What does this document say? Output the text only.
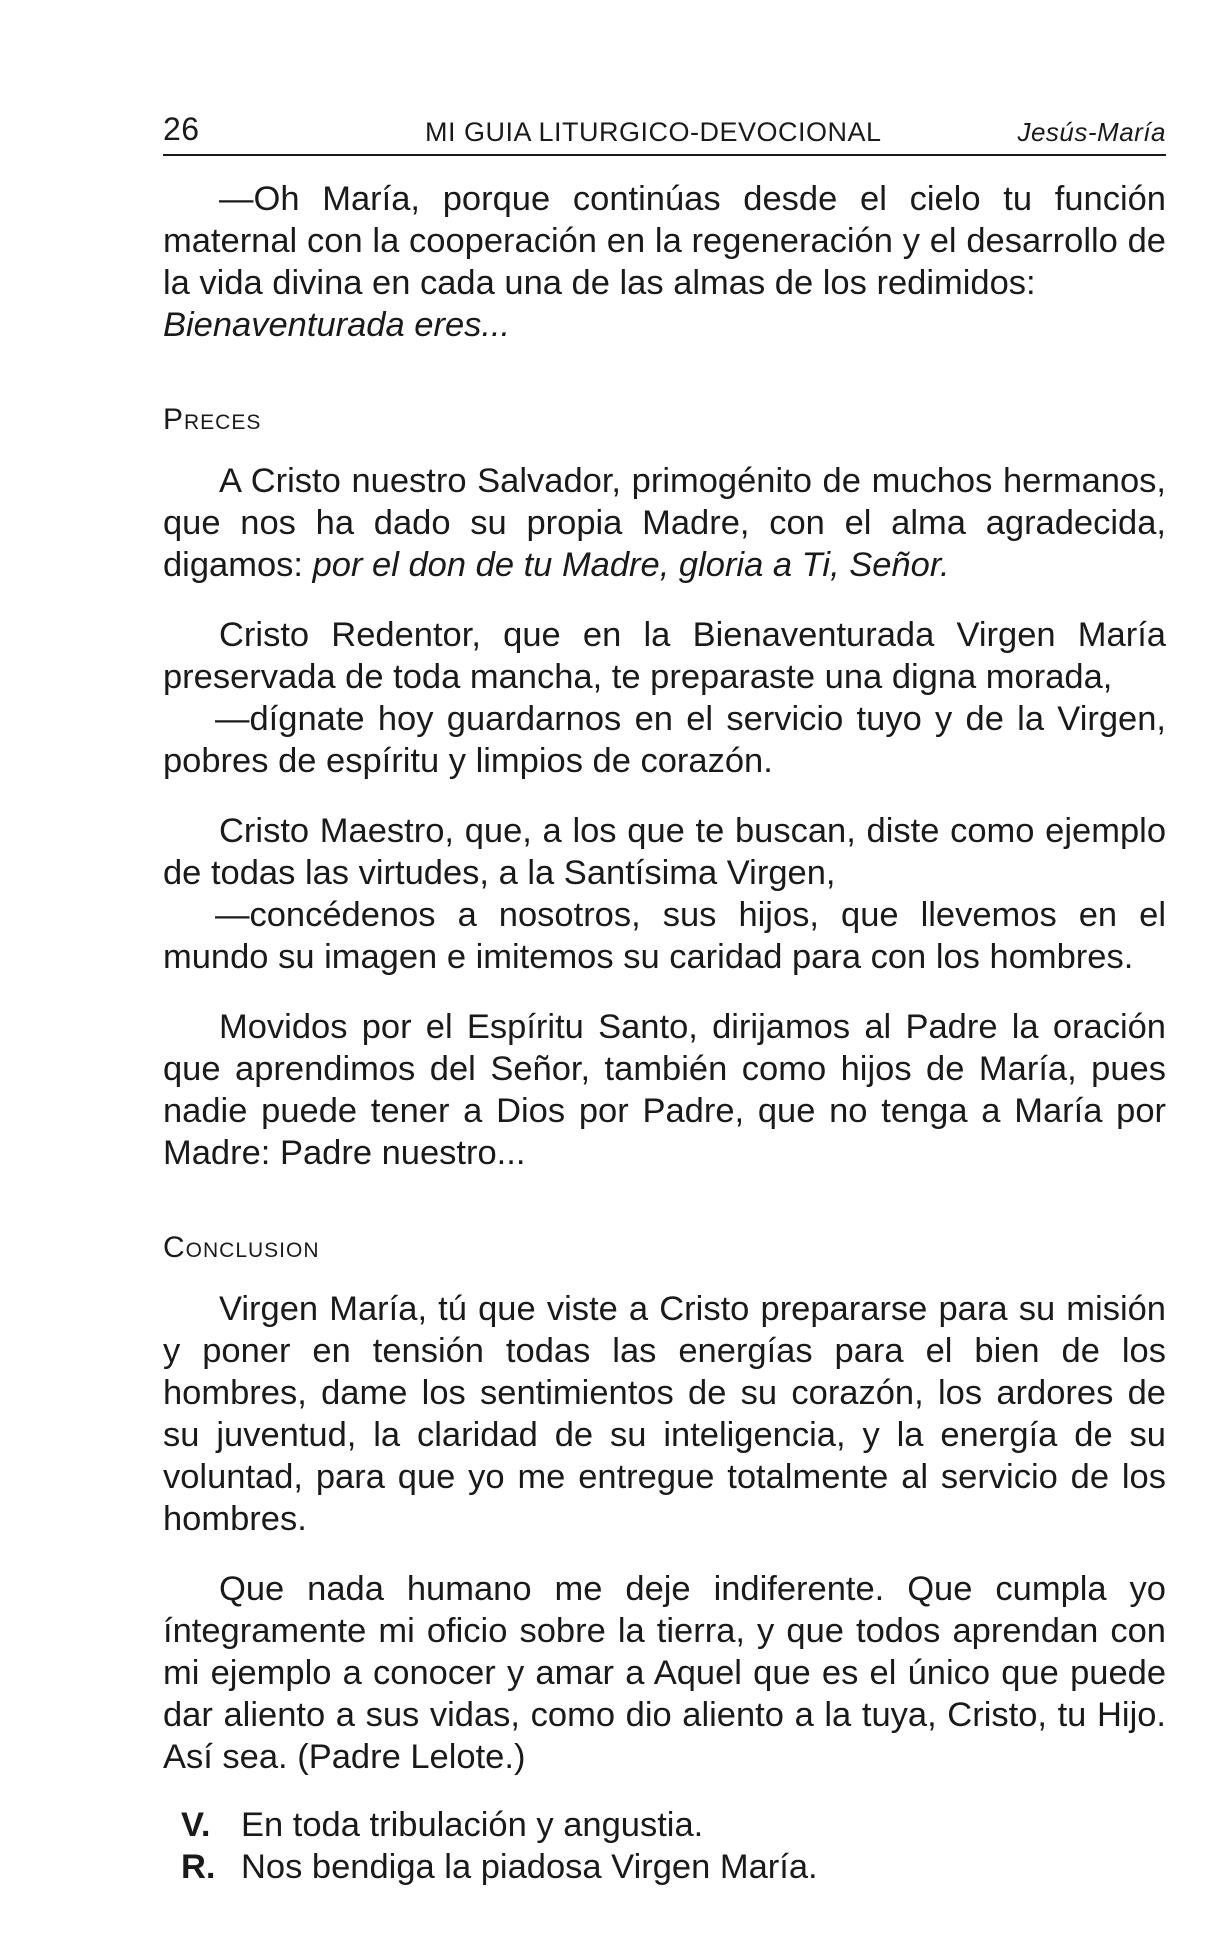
26	MI GUIA LITURGICO-DEVOCIONAL	Jesús-María

—Oh María, porque continúas desde el cielo tu función maternal con la cooperación en la regeneración y el desarrollo de la vida divina en cada una de las almas de los redimidos:
Bienaventurada eres...

Preces

A Cristo nuestro Salvador, primogénito de muchos hermanos, que nos ha dado su propia Madre, con el alma agradecida, digamos: por el don de tu Madre, gloria a Ti, Señor.

Cristo Redentor, que en la Bienaventurada Virgen María preservada de toda mancha, te preparaste una digna morada,

—dígnate hoy guardarnos en el servicio tuyo y de la Virgen, pobres de espíritu y limpios de corazón.

Cristo Maestro, que, a los que te buscan, diste como ejemplo de todas las virtudes, a la Santísima Virgen,

—concédenos a nosotros, sus hijos, que llevemos en el mundo su imagen e imitemos su caridad para con los hombres.

Movidos por el Espíritu Santo, dirijamos al Padre la oración que aprendimos del Señor, también como hijos de María, pues nadie puede tener a Dios por Padre, que no tenga a María por Madre: Padre nuestro...

Conclusion

Virgen María, tú que viste a Cristo prepararse para su misión y poner en tensión todas las energías para el bien de los hombres, dame los sentimientos de su corazón, los ardores de su juventud, la claridad de su inteligencia, y la energía de su voluntad, para que yo me entregue totalmente al servicio de los hombres.

Que nada humano me deje indiferente. Que cumpla yo íntegramente mi oficio sobre la tierra, y que todos aprendan con mi ejemplo a conocer y amar a Aquel que es el único que puede dar aliento a sus vidas, como dio aliento a la tuya, Cristo, tu Hijo. Así sea. (Padre Lelote.)

V. En toda tribulación y angustia.
R. Nos bendiga la piadosa Virgen María.
